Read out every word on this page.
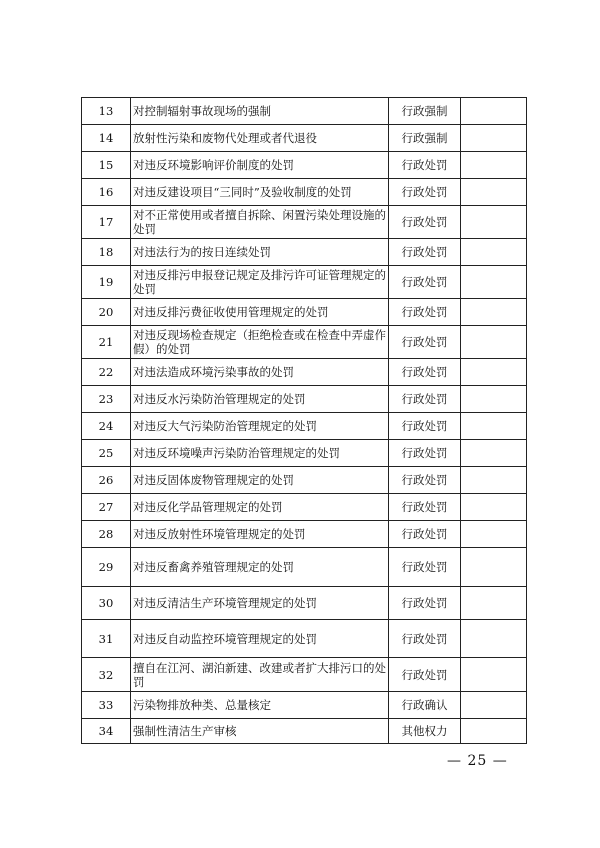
13	对控制辐射事故现场的强制	行政强制	
14	放射性污染和废物代处理或者代退役	行政强制	
15	对违反环境影响评价制度的处罚	行政处罚	
16	对违反建设项目“三同时”及验收制度的处罚	行政处罚	
17	对不正常使用或者擅自拆除、闲置污染处理设施的处罚	行政处罚	
18	对违法行为的按日连续处罚	行政处罚	
19	对违反排污申报登记规定及排污许可证管理规定的处罚	行政处罚	
20	对违反排污费征收使用管理规定的处罚	行政处罚	
21	对违反现场检查规定（拒绝检查或在检查中弄虚作假）的处罚	行政处罚	
22	对违法造成环境污染事故的处罚	行政处罚	
23	对违反水污染防治管理规定的处罚	行政处罚	
24	对违反大气污染防治管理规定的处罚	行政处罚	
25	对违反环境噪声污染防治管理规定的处罚	行政处罚	
26	对违反固体废物管理规定的处罚	行政处罚	
27	对违反化学品管理规定的处罚	行政处罚	
28	对违反放射性环境管理规定的处罚	行政处罚	
29	对违反畜禽养殖管理规定的处罚	行政处罚	
30	对违反清洁生产环境管理规定的处罚	行政处罚	
31	对违反自动监控环境管理规定的处罚	行政处罚	
32	擅自在江河、湖泊新建、改建或者扩大排污口的处罚	行政处罚	
33	污染物排放种类、总量核定	行政确认	
34	强制性清洁生产审核	其他权力	
— 25 —
